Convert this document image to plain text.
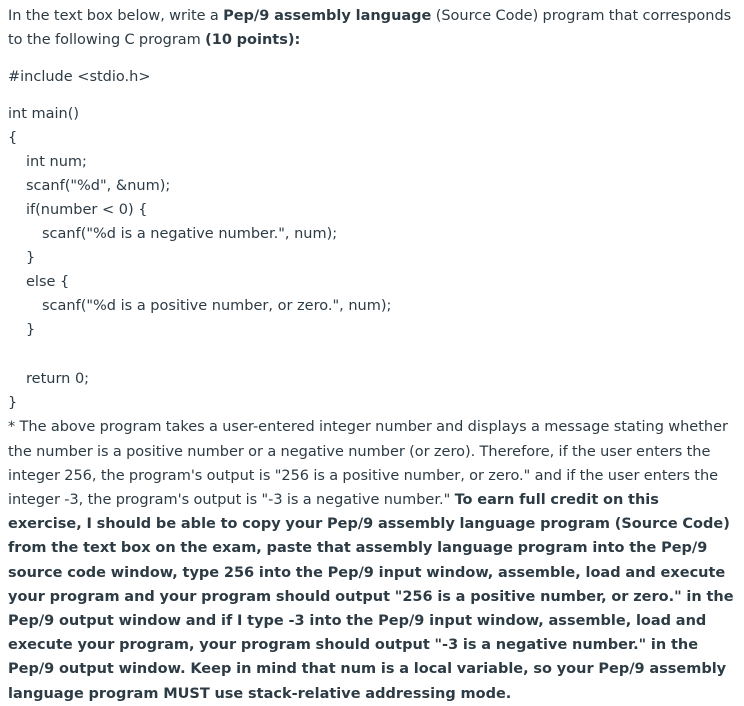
In the text box below, write a Pep/9 assembly language (Source Code) program that corresponds to the following C program (10 points):
#include <stdio.h>
int main()
{
int num;
scanf("%d", &num);
if(number < 0) {
scanf("%d is a negative number.", num);
}
else {
scanf("%d is a positive number, or zero.", num);
}
return 0;
}
* The above program takes a user-entered integer number and displays a message stating whether the number is a positive number or a negative number (or zero). Therefore, if the user enters the integer 256, the program's output is "256 is a positive number, or zero." and if the user enters the integer -3, the program's output is "-3 is a negative number." To earn full credit on this exercise, I should be able to copy your Pep/9 assembly language program (Source Code) from the text box on the exam, paste that assembly language program into the Pep/9 source code window, type 256 into the Pep/9 input window, assemble, load and execute your program and your program should output "256 is a positive number, or zero." in the Pep/9 output window and if I type -3 into the Pep/9 input window, assemble, load and execute your program, your program should output "-3 is a negative number." in the Pep/9 output window. Keep in mind that num is a local variable, so your Pep/9 assembly language program MUST use stack-relative addressing mode.
